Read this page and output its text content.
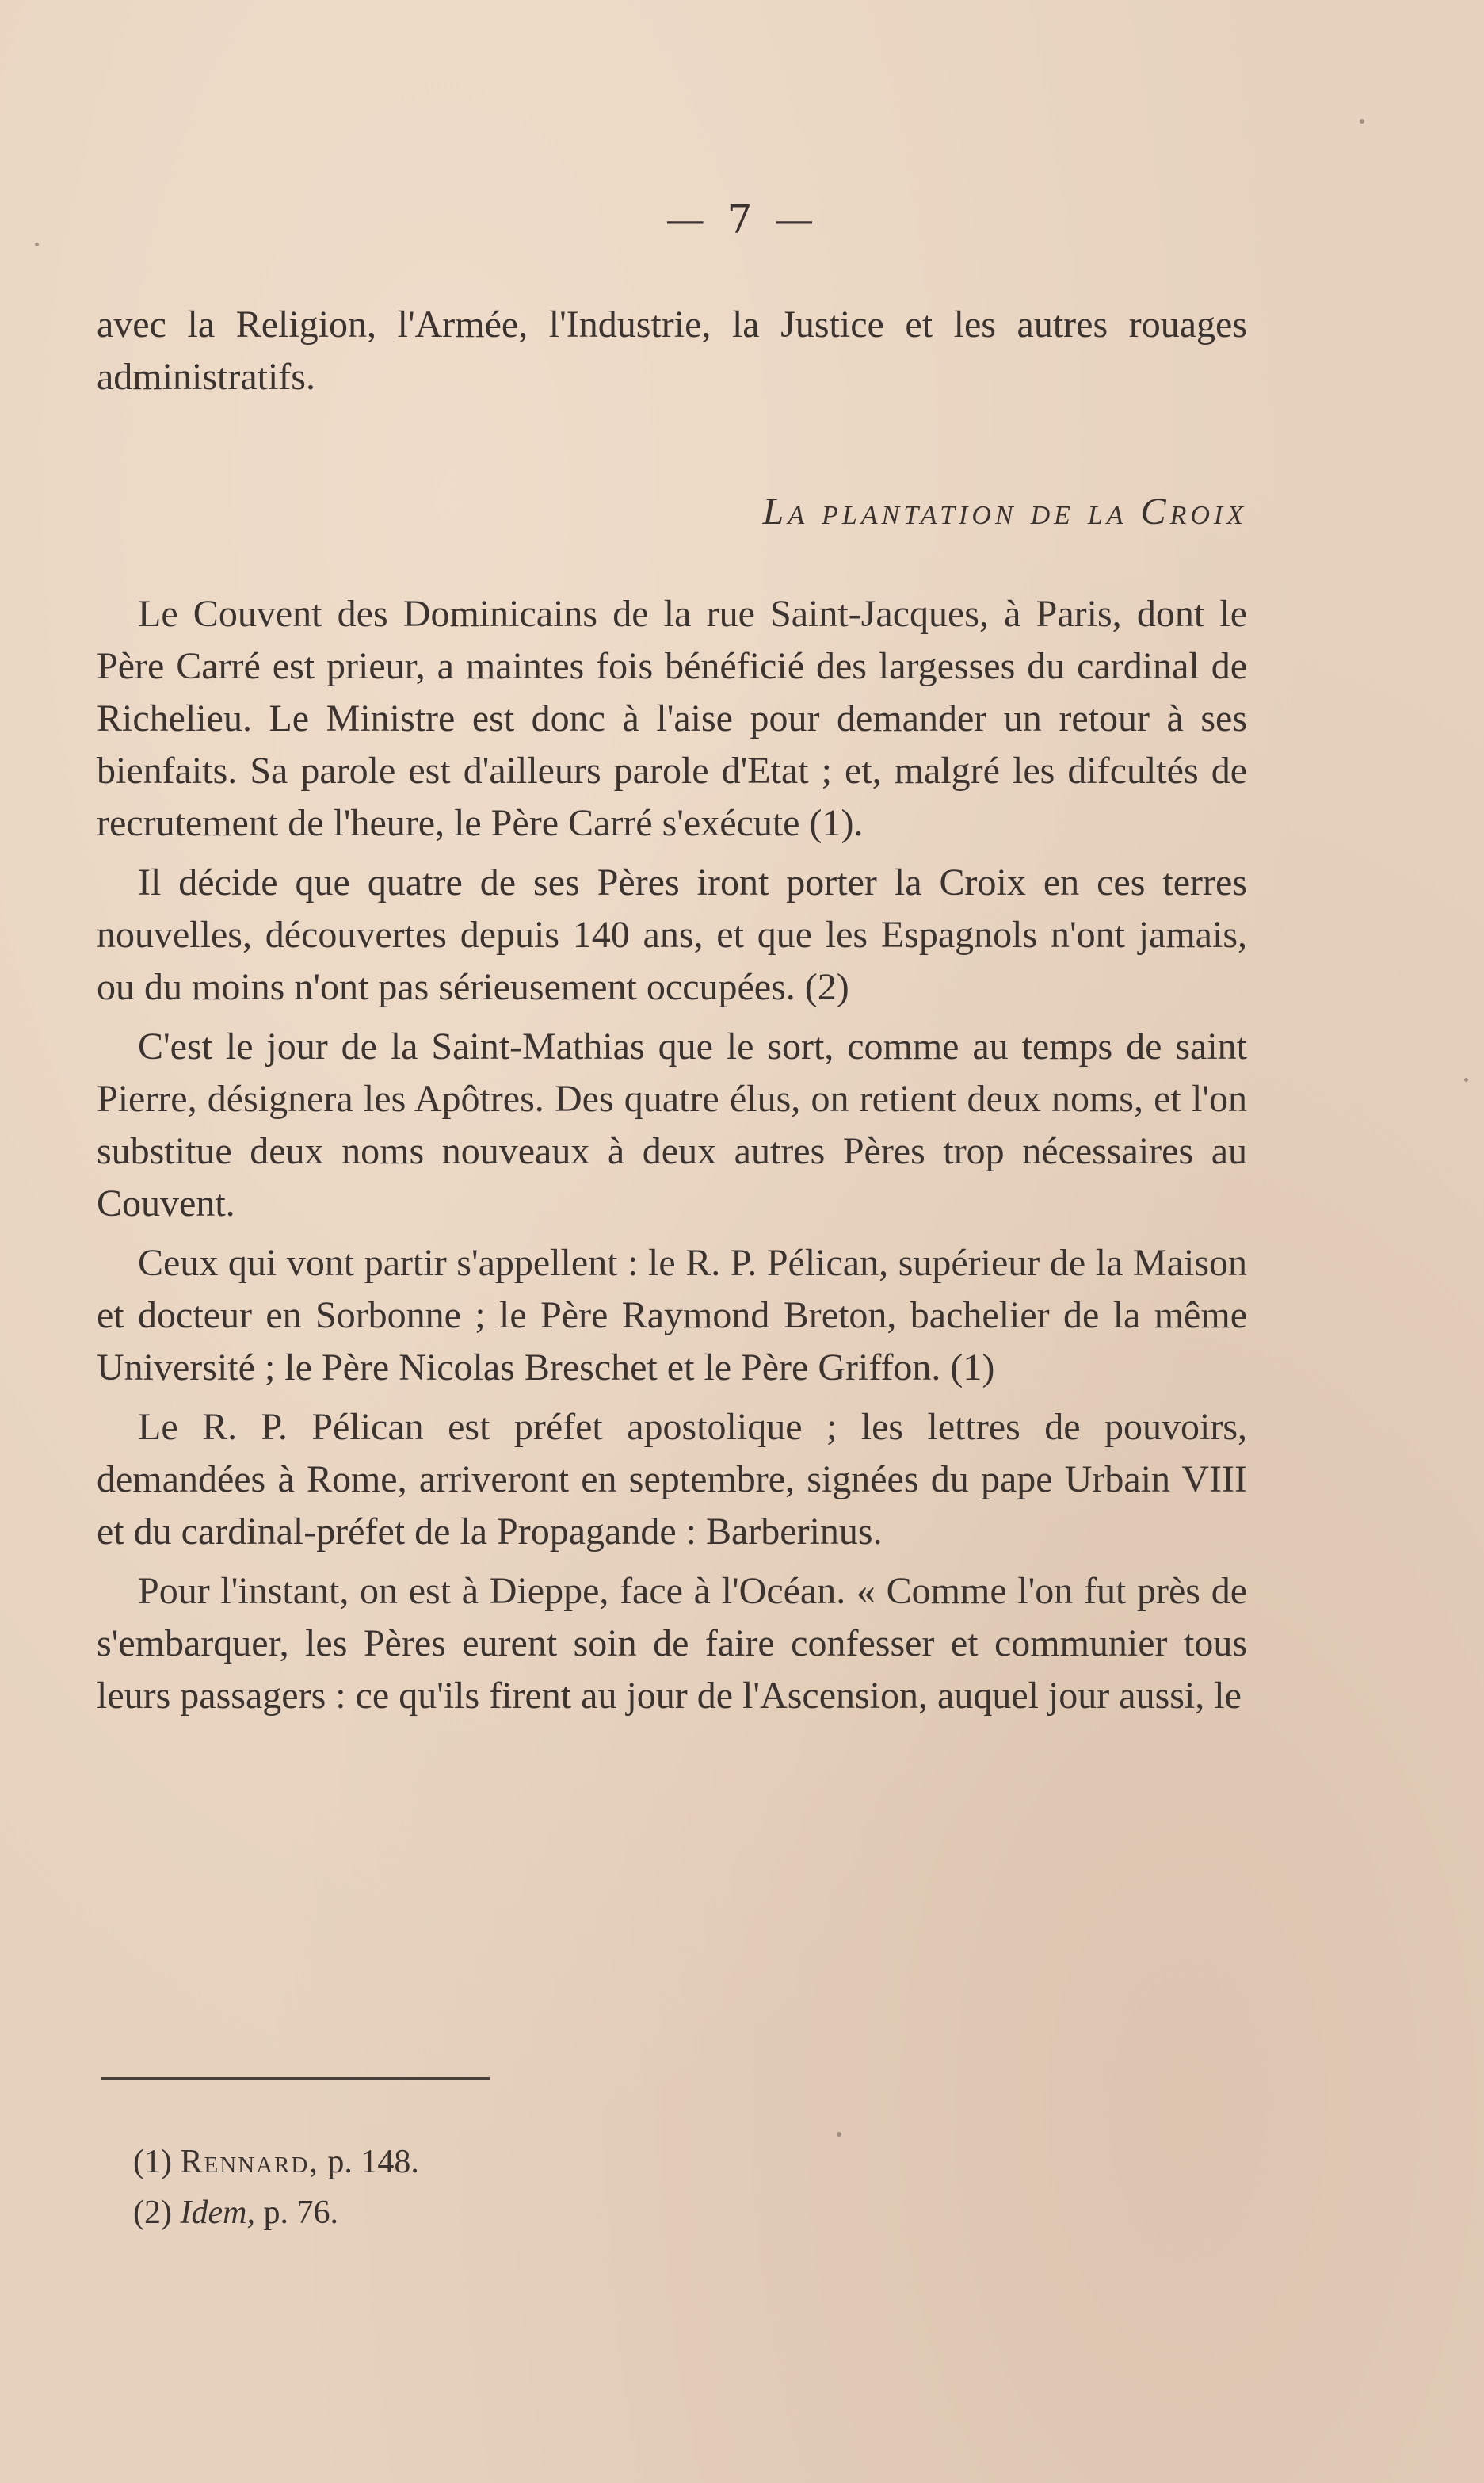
— 7 —

avec la Religion, l'Armée, l'Industrie, la Justice et les autres rouages administratifs.

La plantation de la Croix

Le Couvent des Dominicains de la rue Saint-Jacques, à Paris, dont le Père Carré est prieur, a maintes fois bénéficié des largesses du cardinal de Richelieu. Le Ministre est donc à l'aise pour demander un retour à ses bienfaits. Sa parole est d'ailleurs parole d'Etat ; et, malgré les difcultés de recrutement de l'heure, le Père Carré s'exécute (1).

Il décide que quatre de ses Pères iront porter la Croix en ces terres nouvelles, découvertes depuis 140 ans, et que les Espagnols n'ont jamais, ou du moins n'ont pas sérieusement occupées. (2)

C'est le jour de la Saint-Mathias que le sort, comme au temps de saint Pierre, désignera les Apôtres. Des quatre élus, on retient deux noms, et l'on substitue deux noms nouveaux à deux autres Pères trop nécessaires au Couvent.

Ceux qui vont partir s'appellent : le R. P. Pélican, supérieur de la Maison et docteur en Sorbonne ; le Père Raymond Breton, bachelier de la même Université ; le Père Nicolas Breschet et le Père Griffon. (1)

Le R. P. Pélican est préfet apostolique ; les lettres de pouvoirs, demandées à Rome, arriveront en septembre, signées du pape Urbain VIII et du cardinal-préfet de la Propagande : Barberinus.

Pour l'instant, on est à Dieppe, face à l'Océan. « Comme l'on fut près de s'embarquer, les Pères eurent soin de faire confesser et communier tous leurs passagers : ce qu'ils firent au jour de l'Ascension, auquel jour aussi, le

(1) Rennard, p. 148.
(2) Idem, p. 76.
